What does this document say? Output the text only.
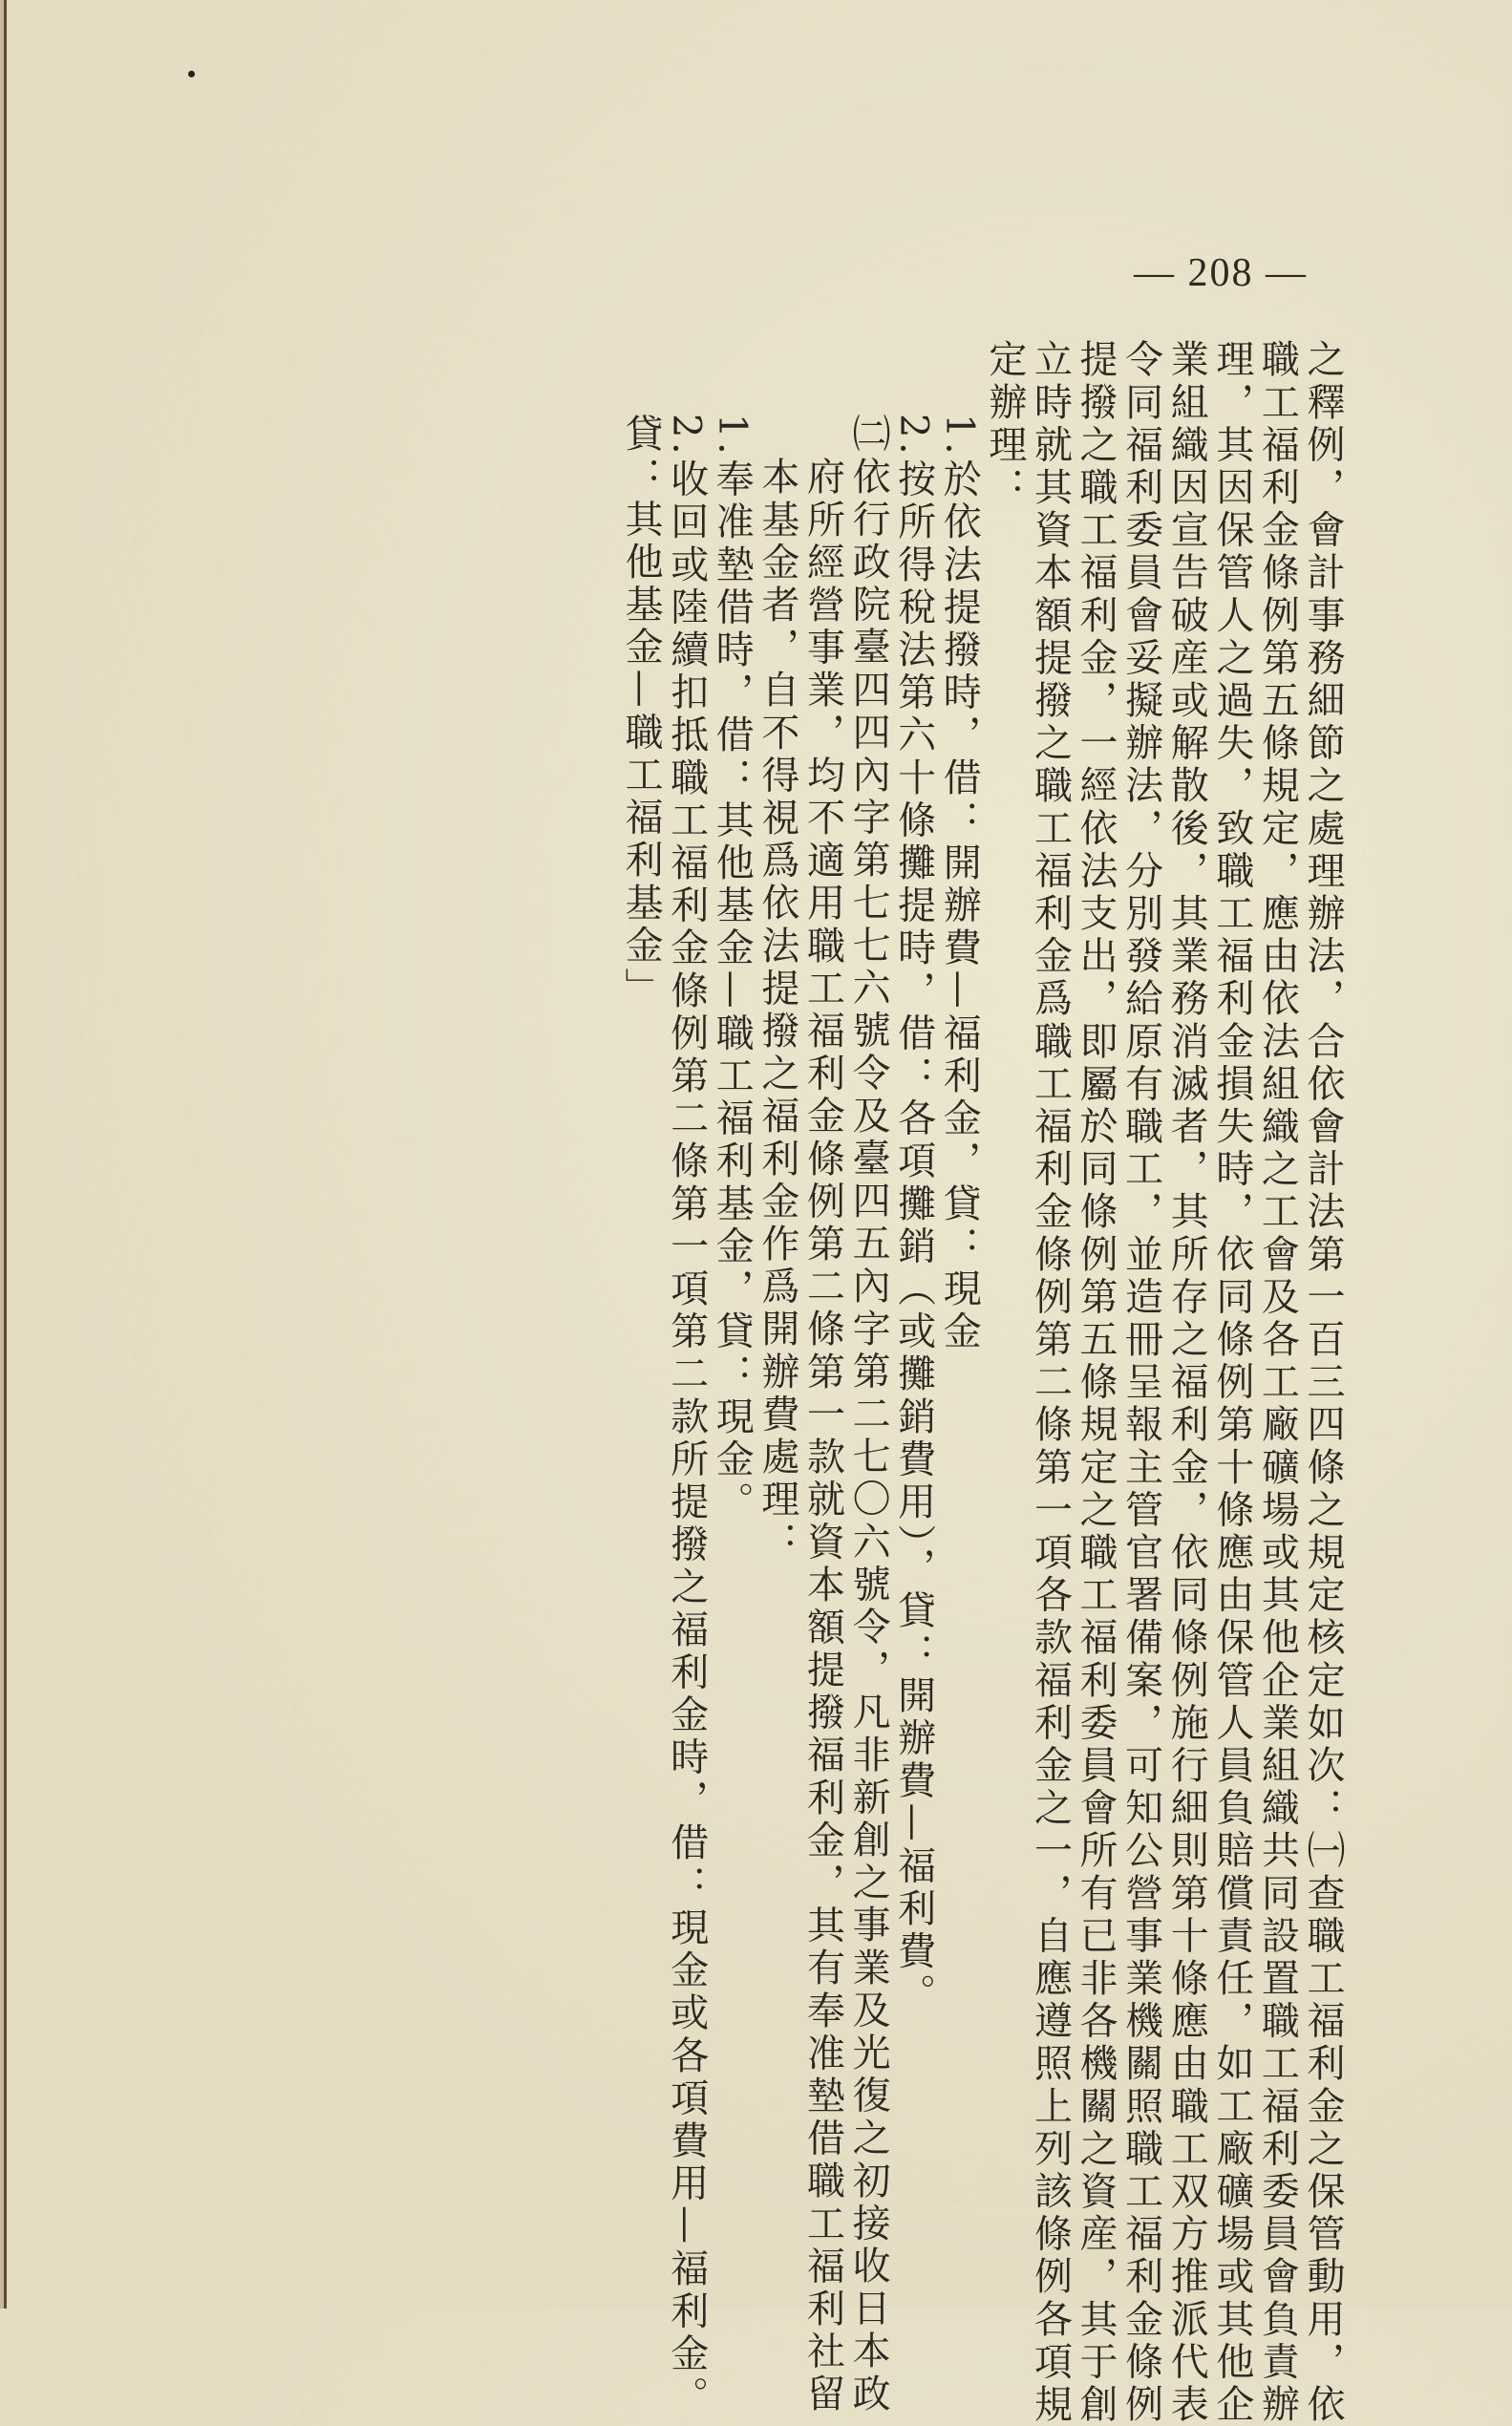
— 208 —
之釋例，會計事務細節之處理辦法，合依會計法第一百三四條之規定核定如次：㈠查職工福利金之保管動用，依
職工福利金條例第五條規定，應由依法組織之工會及各工廠礦場或其他企業組織共同設置職工福利委員會負責辦
理，其因保管人之過失，致職工福利金損失時，依同條例第十條應由保管人員負賠償責任，如工廠礦場或其他企
業組織因宣告破産或解散後，其業務消滅者，其所存之福利金，依同條例施行細則第十條應由職工双方推派代表
令同福利委員會妥擬辦法，分別發給原有職工，並造冊呈報主管官署備案，可知公營事業機關照職工福利金條例
提撥之職工福利金，一經依法支出，即屬於同條例第五條規定之職工福利委員會所有已非各機關之資産，其于創
立時就其資本額提撥之職工福利金爲職工福利金條例第二條第一項各款福利金之一，自應遵照上列該條例各項規
定辦理：
1.於依法提撥時，借：開辦費—福利金，貸：現金
2.按所得稅法第六十條攤提時，借：各項攤銷（或攤銷費用），貸：開辦費—福利費。
㈡依行政院臺四四內字第七七六號令及臺四五內字第二七〇六號令，凡非新創之事業及光復之初接收日本政
府所經營事業，均不適用職工福利金條例第二條第一款就資本額提撥福利金，其有奉准墊借職工福利社留
本基金者，自不得視爲依法提撥之福利金作爲開辦費處理：
1.奉准墊借時，借：其他基金—職工福利基金，貸：現金。
2.收回或陸續扣抵職工福利金條例第二條第一項第二款所提撥之福利金時，借：現金或各項費用—福利金。
貸：其他基金—職工福利基金」
